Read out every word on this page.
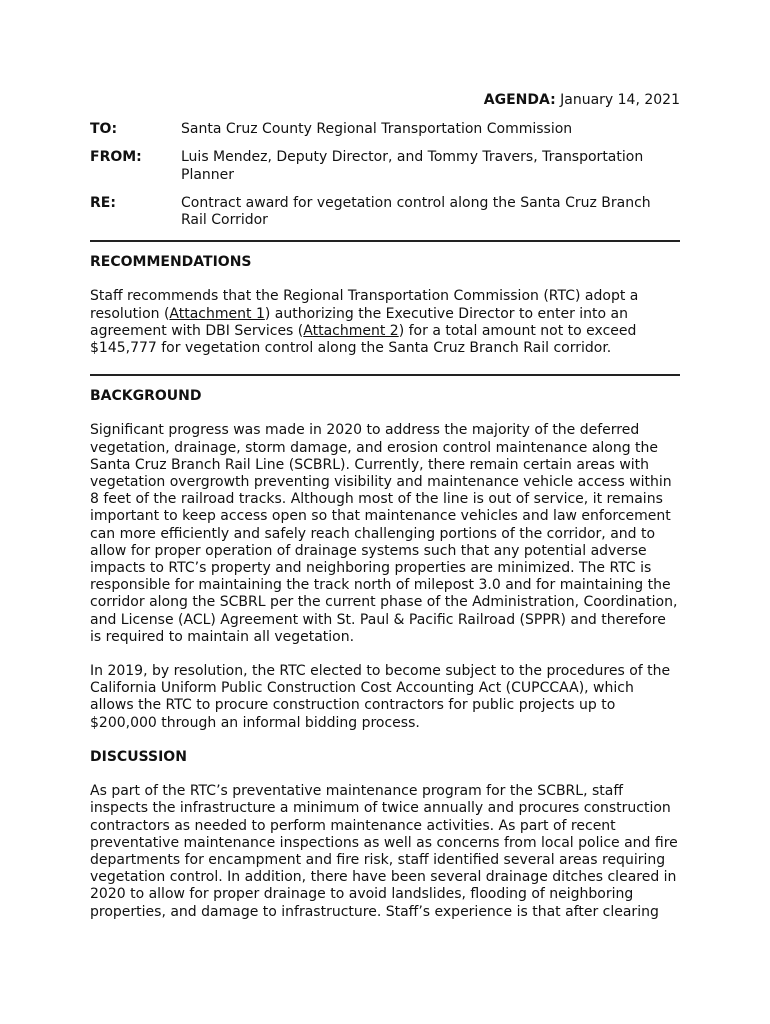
AGENDA: January 14, 2021
TO:	Santa Cruz County Regional Transportation Commission
FROM:	Luis Mendez, Deputy Director, and Tommy Travers, Transportation Planner
RE:	Contract award for vegetation control along the Santa Cruz Branch Rail Corridor
RECOMMENDATIONS

Staff recommends that the Regional Transportation Commission (RTC) adopt a resolution (Attachment 1) authorizing the Executive Director to enter into an agreement with DBI Services (Attachment 2) for a total amount not to exceed $145,777 for vegetation control along the Santa Cruz Branch Rail corridor.

BACKGROUND

Significant progress was made in 2020 to address the majority of the deferred vegetation, drainage, storm damage, and erosion control maintenance along the Santa Cruz Branch Rail Line (SCBRL). Currently, there remain certain areas with vegetation overgrowth preventing visibility and maintenance vehicle access within 8 feet of the railroad tracks. Although most of the line is out of service, it remains important to keep access open so that maintenance vehicles and law enforcement can more efficiently and safely reach challenging portions of the corridor, and to allow for proper operation of drainage systems such that any potential adverse impacts to RTC’s property and neighboring properties are minimized. The RTC is responsible for maintaining the track north of milepost 3.0 and for maintaining the corridor along the SCBRL per the current phase of the Administration, Coordination, and License (ACL) Agreement with St. Paul & Pacific Railroad (SPPR) and therefore is required to maintain all vegetation.

In 2019, by resolution, the RTC elected to become subject to the procedures of the California Uniform Public Construction Cost Accounting Act (CUPCCAA), which allows the RTC to procure construction contractors for public projects up to $200,000 through an informal bidding process.

DISCUSSION

As part of the RTC’s preventative maintenance program for the SCBRL, staff inspects the infrastructure a minimum of twice annually and procures construction contractors as needed to perform maintenance activities. As part of recent preventative maintenance inspections as well as concerns from local police and fire departments for encampment and fire risk, staff identified several areas requiring vegetation control. In addition, there have been several drainage ditches cleared in 2020 to allow for proper drainage to avoid landslides, flooding of neighboring properties, and damage to infrastructure. Staff’s experience is that after clearing
